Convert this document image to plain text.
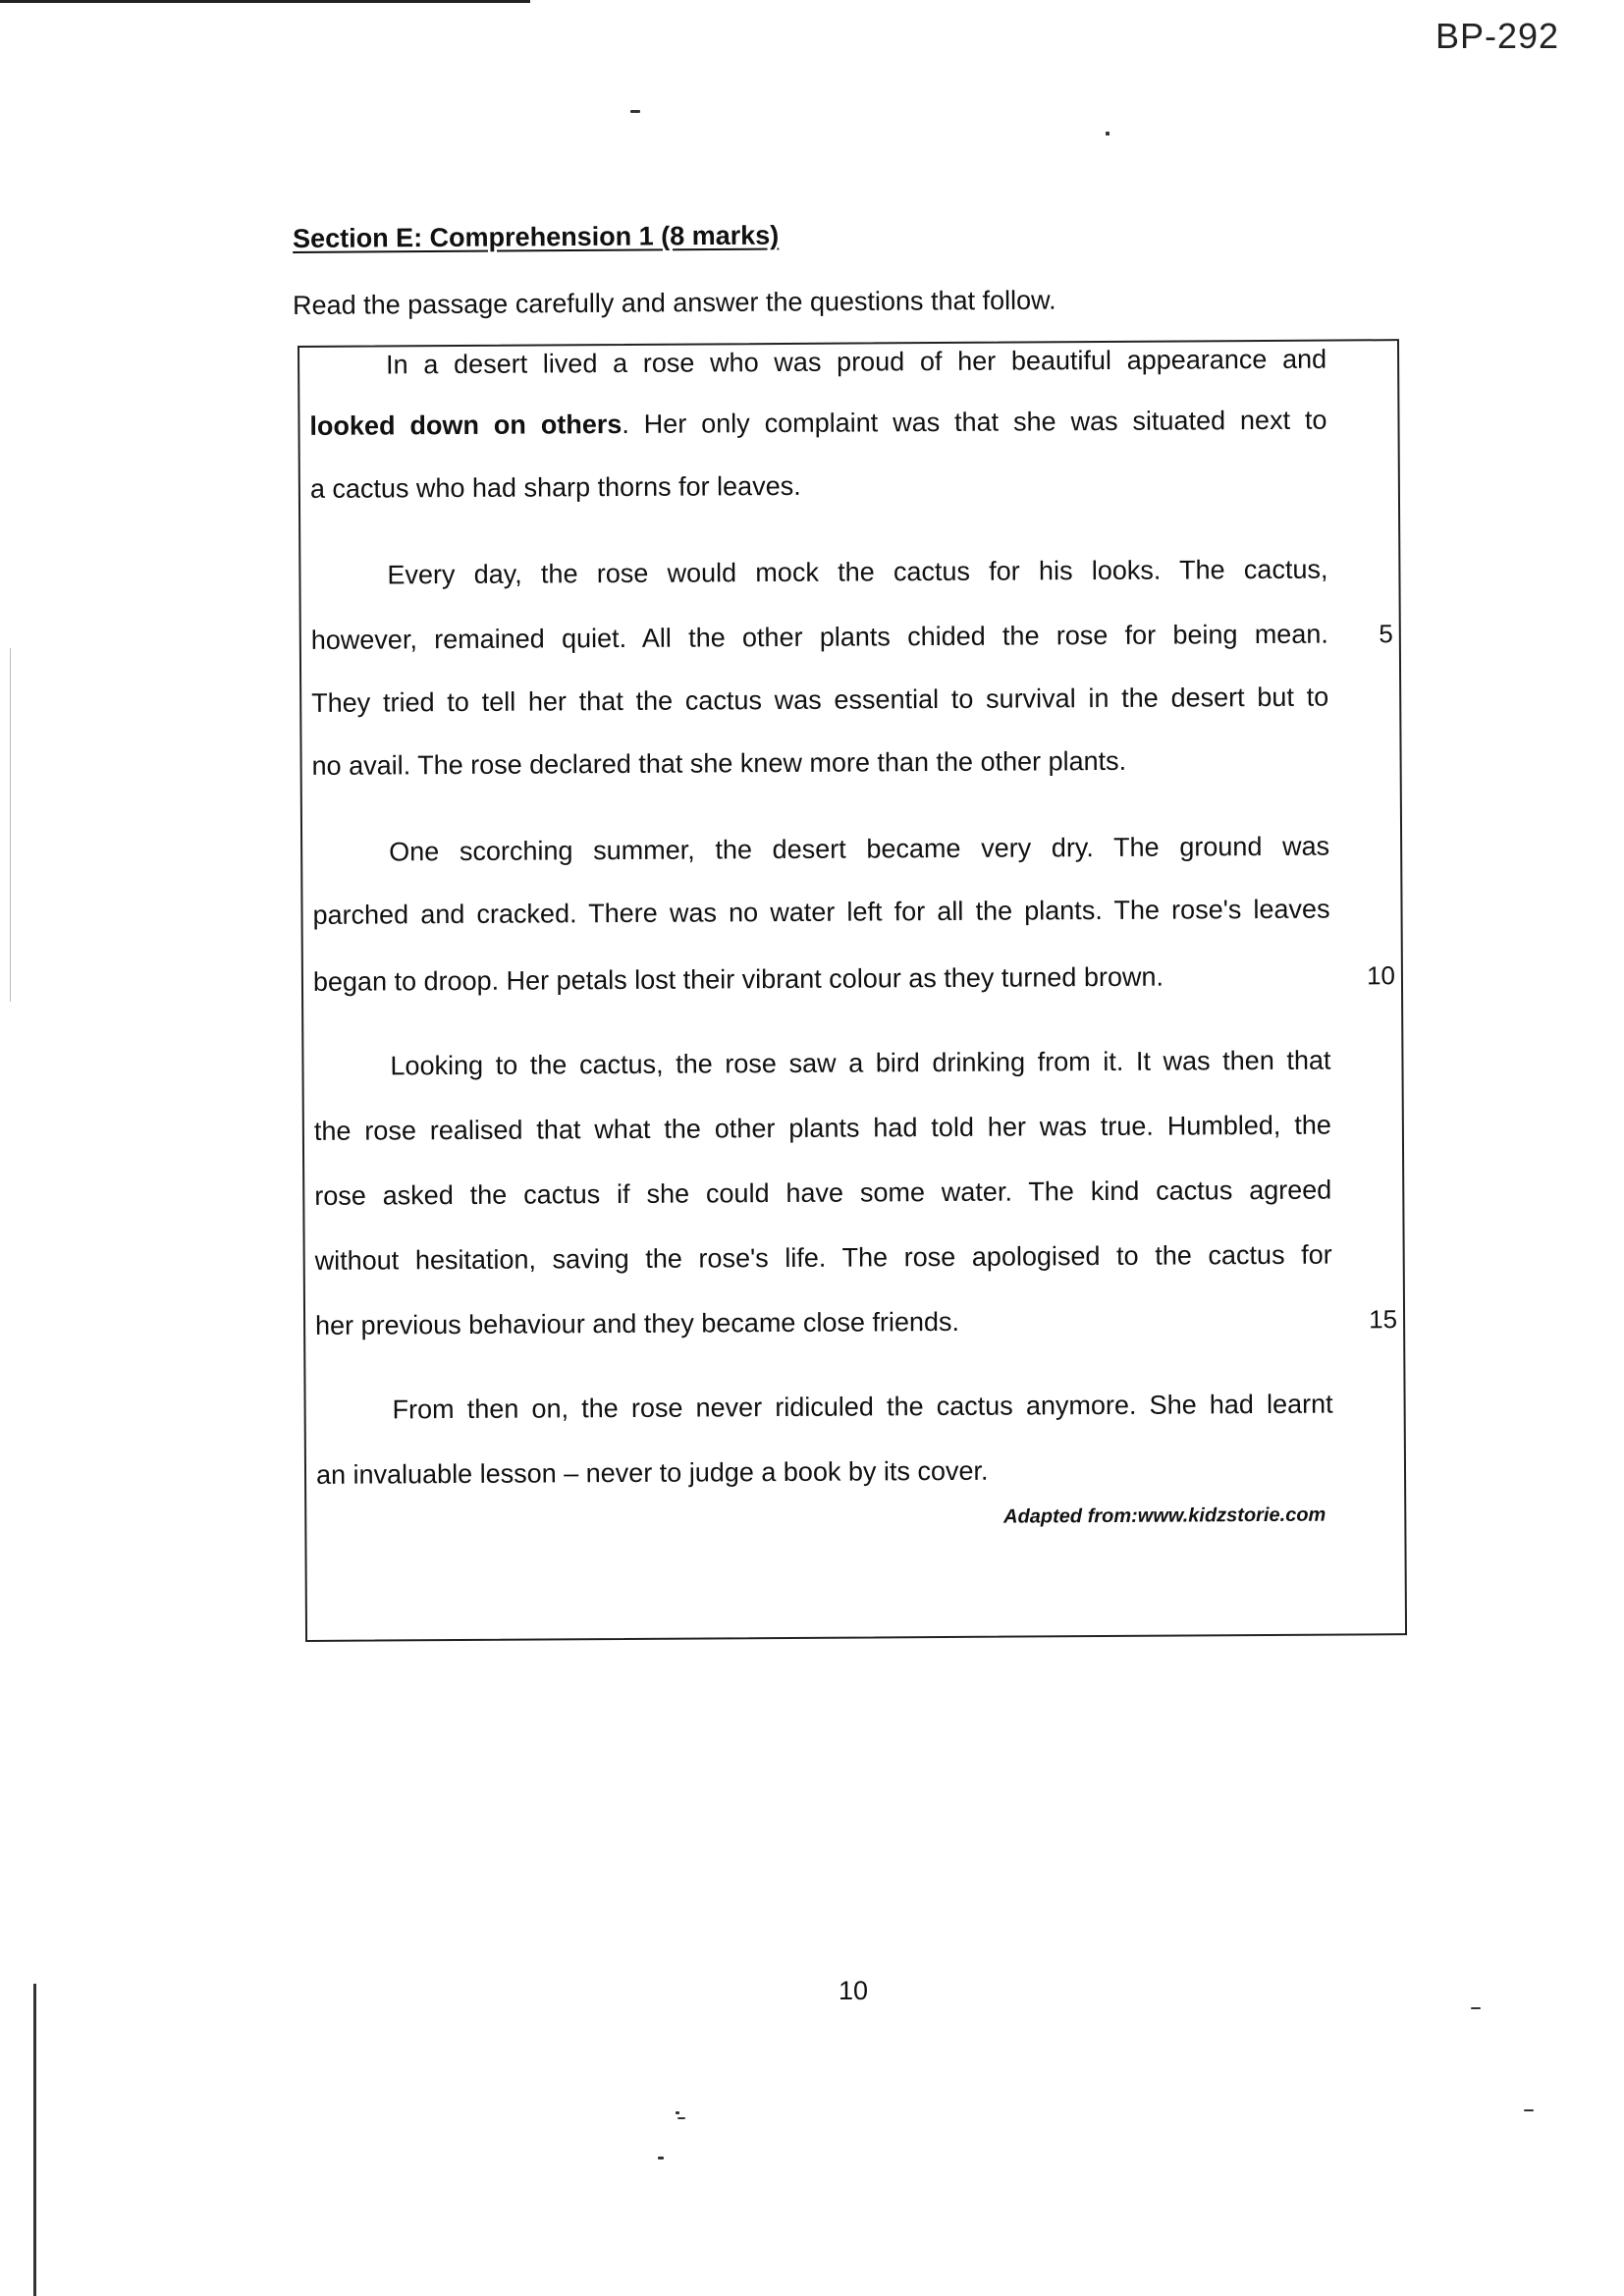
BP-292
Section E: Comprehension 1 (8 marks)
Read the passage carefully and answer the questions that follow.
In a desert lived a rose who was proud of her beautiful appearance and
looked down on others. Her only complaint was that she was situated next to
a cactus who had sharp thorns for leaves.
Every day, the rose would mock the cactus for his looks. The cactus,
however, remained quiet. All the other plants chided the rose for being mean.	5
They tried to tell her that the cactus was essential to survival in the desert but to
no avail. The rose declared that she knew more than the other plants.
One scorching summer, the desert became very dry. The ground was
parched and cracked. There was no water left for all the plants. The rose's leaves
began to droop. Her petals lost their vibrant colour as they turned brown.	10
Looking to the cactus, the rose saw a bird drinking from it. It was then that
the rose realised that what the other plants had told her was true. Humbled, the
rose asked the cactus if she could have some water. The kind cactus agreed
without hesitation, saving the rose's life. The rose apologised to the cactus for
her previous behaviour and they became close friends.	15
From then on, the rose never ridiculed the cactus anymore. She had learnt
an invaluable lesson – never to judge a book by its cover.
Adapted from:www.kidzstorie.com
10
